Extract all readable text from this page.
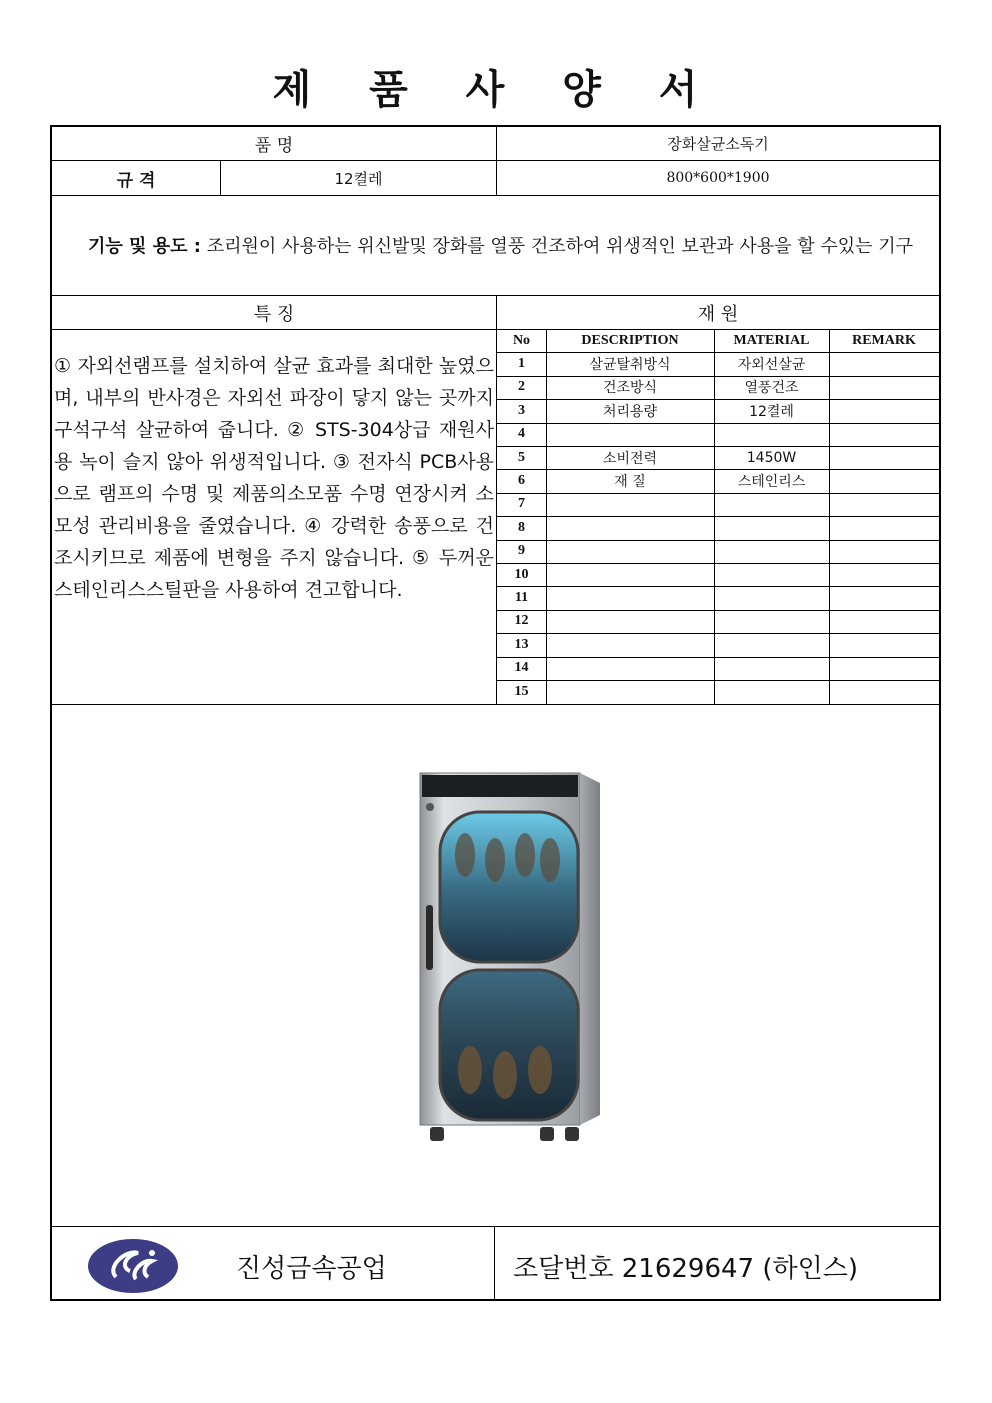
제 품 사 양 서
품 명	장화살균소독기
규 격	12켤레	800*600*1900
기능 및 용도 : 조리원이 사용하는 위신발및 장화를 열풍 건조하여 위생적인 보관과 사용을 할 수있는 기구
특 징	재 원
① 자외선램프를 설치하여 살균 효과를 최대한 높였으며, 내부의 반사경은 자외선 파장이 닿지 않는 곳까지 구석구석 살균하여 줍니다. ② STS-304상급 재원사용 녹이 슬지 않아 위생적입니다. ③ 전자식 PCB사용으로 램프의 수명 및 제품의소모품 수명 연장시켜 소모성 관리비용을 줄였습니다. ④ 강력한 송풍으로 건조시키므로 제품에 변형을 주지 않습니다. ⑤ 두꺼운 스테인리스스틸판을 사용하여 견고합니다.
No	DESCRIPTION	MATERIAL	REMARK
1	살균탈취방식	자외선살균
2	건조방식	열풍건조
3	처리용량	12켤레
4
5	소비전력	1450W
6	재 질	스테인리스
7
8
9
10
11
12
13
14
15
진성금속공업	조달번호 21629647 (하인스)
